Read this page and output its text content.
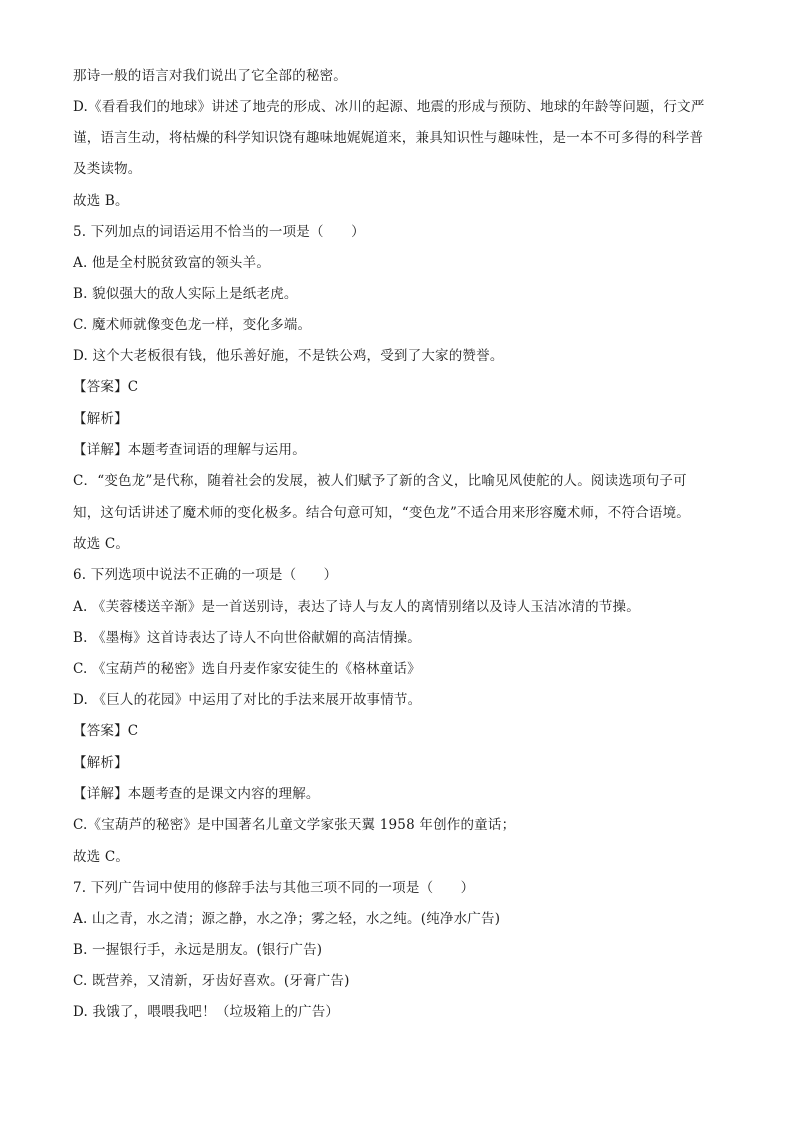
那诗一般的语言对我们说出了它全部的秘密。
D.《看看我们的地球》讲述了地壳的形成、冰川的起源、地震的形成与预防、地球的年龄等问题，行文严
谨，语言生动，将枯燥的科学知识饶有趣味地娓娓道来，兼具知识性与趣味性，是一本不可多得的科学普
及类读物。
故选 B。
5. 下列加点的词语运用不恰当的一项是（　　）
A. 他是全村脱贫致富的领头羊。
B. 貌似强大的敌人实际上是纸老虎。
C. 魔术师就像变色龙一样，变化多端。
D. 这个大老板很有钱，他乐善好施，不是铁公鸡，受到了大家的赞誉。
【答案】C
【解析】
【详解】本题考查词语的理解与运用。
C．“变色龙”是代称，随着社会的发展，被人们赋予了新的含义，比喻见风使舵的人。阅读选项句子可
知，这句话讲述了魔术师的变化极多。结合句意可知，“变色龙”不适合用来形容魔术师，不符合语境。
故选 C。
6. 下列选项中说法不正确的一项是（　　）
A. 《芙蓉楼送辛渐》是一首送别诗，表达了诗人与友人的离情别绪以及诗人玉洁冰清的节操。
B. 《墨梅》这首诗表达了诗人不向世俗献媚的高洁情操。
C. 《宝葫芦的秘密》选自丹麦作家安徒生的《格林童话》
D. 《巨人的花园》中运用了对比的手法来展开故事情节。
【答案】C
【解析】
【详解】本题考查的是课文内容的理解。
C.《宝葫芦的秘密》是中国著名儿童文学家张天翼 1958 年创作的童话；
故选 C。
7. 下列广告词中使用的修辞手法与其他三项不同的一项是（　　）
A. 山之青，水之清；源之静，水之净；雾之轻，水之纯。(纯净水广告)
B. 一握银行手，永远是朋友。(银行广告)
C. 既营养，又清新，牙齿好喜欢。(牙膏广告)
D. 我饿了，喂喂我吧！（垃圾箱上的广告）
